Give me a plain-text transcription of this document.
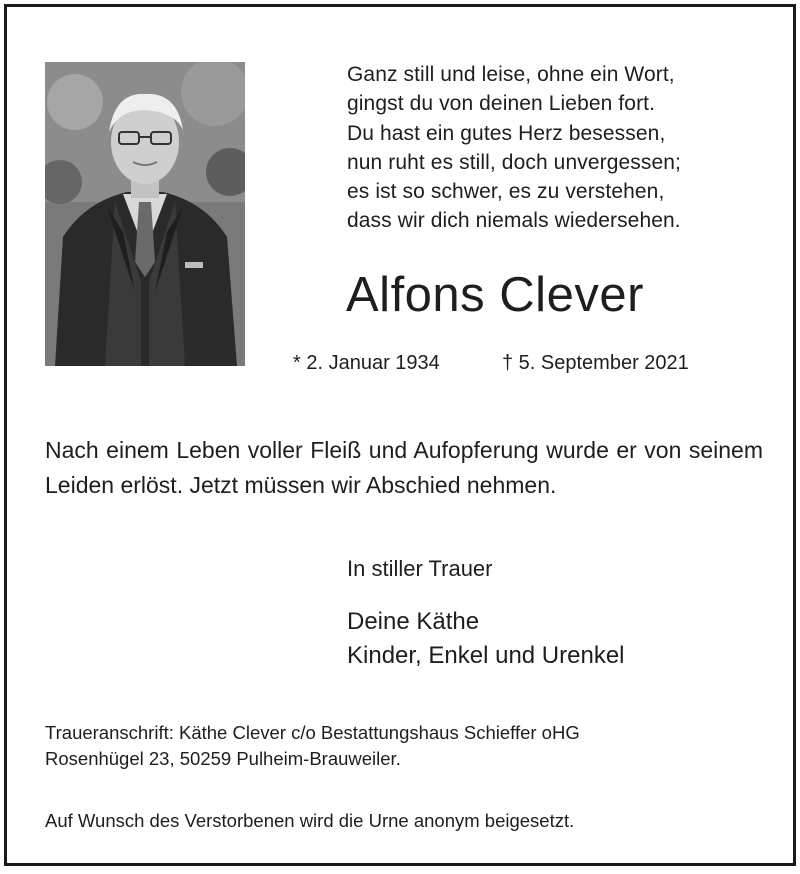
Ganz still und leise, ohne ein Wort,
gingst du von deinen Lieben fort.
Du hast ein gutes Herz besessen,
nun ruht es still, doch unvergessen;
es ist so schwer, es zu verstehen,
dass wir dich niemals wiedersehen.
Alfons Clever
* 2. Januar 1934	† 5. September 2021
Nach einem Leben voller Fleiß und Aufopferung wurde er von seinem Leiden erlöst. Jetzt müssen wir Abschied nehmen.
In stiller Trauer
Deine Käthe
Kinder, Enkel und Urenkel
Traueranschrift: Käthe Clever c/o Bestattungshaus Schieffer oHG
Rosenhügel 23, 50259 Pulheim-Brauweiler.
Auf Wunsch des Verstorbenen wird die Urne anonym beigesetzt.
